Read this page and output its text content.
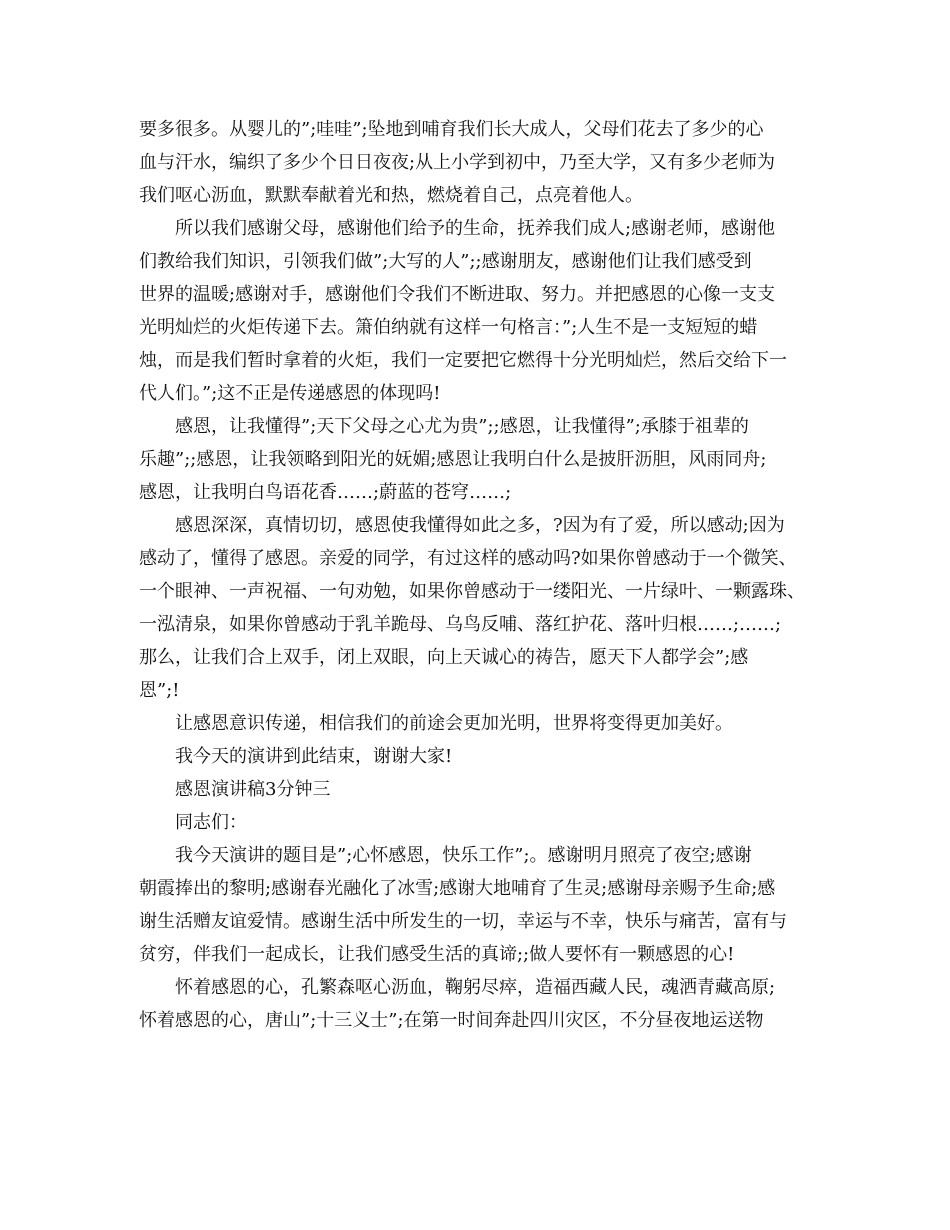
要多很多。从婴儿的”;哇哇”;坠地到哺育我们长大成人，父母们花去了多少的心
血与汗水，编织了多少个日日夜夜;从上小学到初中，乃至大学，又有多少老师为
我们呕心沥血，默默奉献着光和热，燃烧着自己，点亮着他人。
所以我们感谢父母，感谢他们给予的生命，抚养我们成人;感谢老师，感谢他
们教给我们知识，引领我们做”;大写的人”;;感谢朋友，感谢他们让我们感受到
世界的温暖;感谢对手，感谢他们令我们不断进取、努力。并把感恩的心像一支支
光明灿烂的火炬传递下去。箫伯纳就有这样一句格言：”;人生不是一支短短的蜡
烛，而是我们暂时拿着的火炬，我们一定要把它燃得十分光明灿烂，然后交给下一
代人们。”;这不正是传递感恩的体现吗!
感恩，让我懂得”;天下父母之心尤为贵”;;感恩，让我懂得”;承膝于祖辈的
乐趣”;;感恩，让我领略到阳光的妩媚;感恩让我明白什么是披肝沥胆，风雨同舟;
感恩，让我明白鸟语花香……;蔚蓝的苍穹……;
感恩深深，真情切切，感恩使我懂得如此之多，?因为有了爱，所以感动;因为
感动了，懂得了感恩。亲爱的同学，有过这样的感动吗?如果你曾感动于一个微笑、
一个眼神、一声祝福、一句劝勉，如果你曾感动于一缕阳光、一片绿叶、一颗露珠、
一泓清泉，如果你曾感动于乳羊跪母、乌鸟反哺、落红护花、落叶归根……;……;
那么，让我们合上双手，闭上双眼，向上天诚心的祷告，愿天下人都学会”;感
恩”;!
让感恩意识传递，相信我们的前途会更加光明，世界将变得更加美好。
我今天的演讲到此结束，谢谢大家!
感恩演讲稿3分钟三
同志们：
我今天演讲的题目是”;心怀感恩，快乐工作”;。感谢明月照亮了夜空;感谢
朝霞捧出的黎明;感谢春光融化了冰雪;感谢大地哺育了生灵;感谢母亲赐予生命;感
谢生活赠友谊爱情。感谢生活中所发生的一切，幸运与不幸，快乐与痛苦，富有与
贫穷，伴我们一起成长，让我们感受生活的真谛;;做人要怀有一颗感恩的心!
怀着感恩的心，孔繁森呕心沥血，鞠躬尽瘁，造福西藏人民，魂洒青藏高原;
怀着感恩的心，唐山”;十三义士”;在第一时间奔赴四川灾区，不分昼夜地运送物
